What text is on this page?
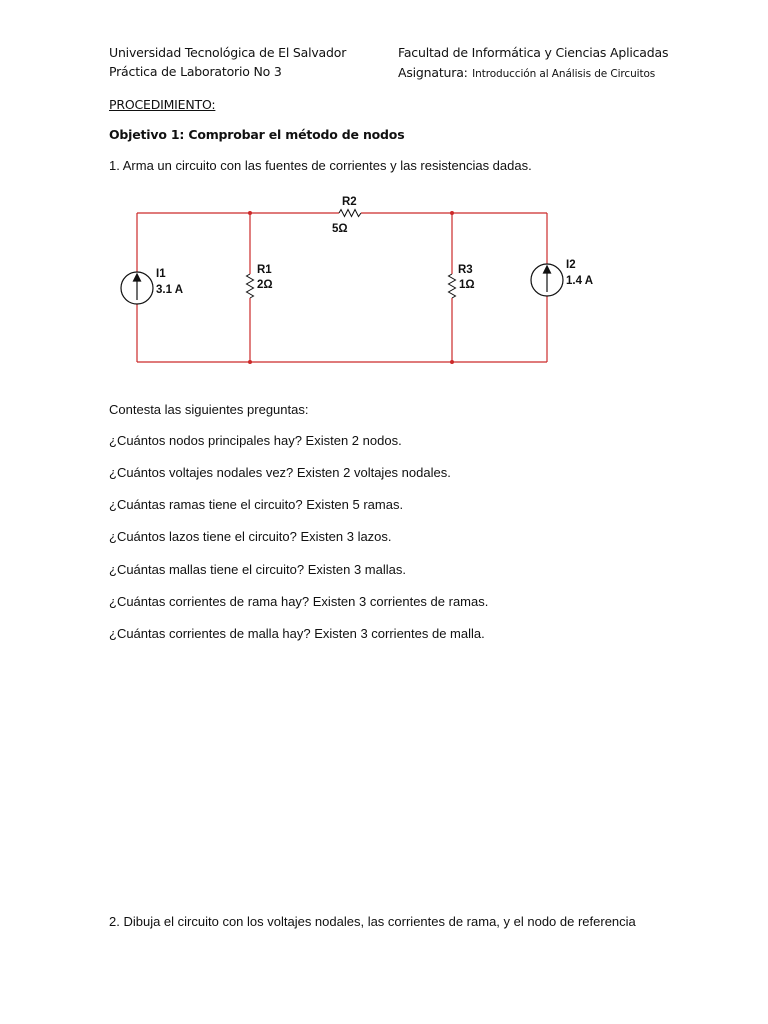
Universidad Tecnológica de El Salvador	Facultad de Informática y Ciencias Aplicadas
Práctica de Laboratorio No 3	Asignatura: Introducción al Análisis de Circuitos
PROCEDIMIENTO:
Objetivo 1: Comprobar el método de nodos
1. Arma un circuito con las fuentes de corrientes y las resistencias dadas.
R2
5Ω
I1
3.1 A
R1
2Ω
R3
1Ω
I2
1.4 A
Contesta las siguientes preguntas:
¿Cuántos nodos principales hay? Existen 2 nodos.
¿Cuántos voltajes nodales vez? Existen 2 voltajes nodales.
¿Cuántas ramas tiene el circuito? Existen 5 ramas.
¿Cuántos lazos tiene el circuito? Existen 3 lazos.
¿Cuántas mallas tiene el circuito? Existen 3 mallas.
¿Cuántas corrientes de rama hay? Existen 3 corrientes de ramas.
¿Cuántas corrientes de malla hay? Existen 3 corrientes de malla.
2. Dibuja el circuito con los voltajes nodales, las corrientes de rama, y el nodo de referencia
